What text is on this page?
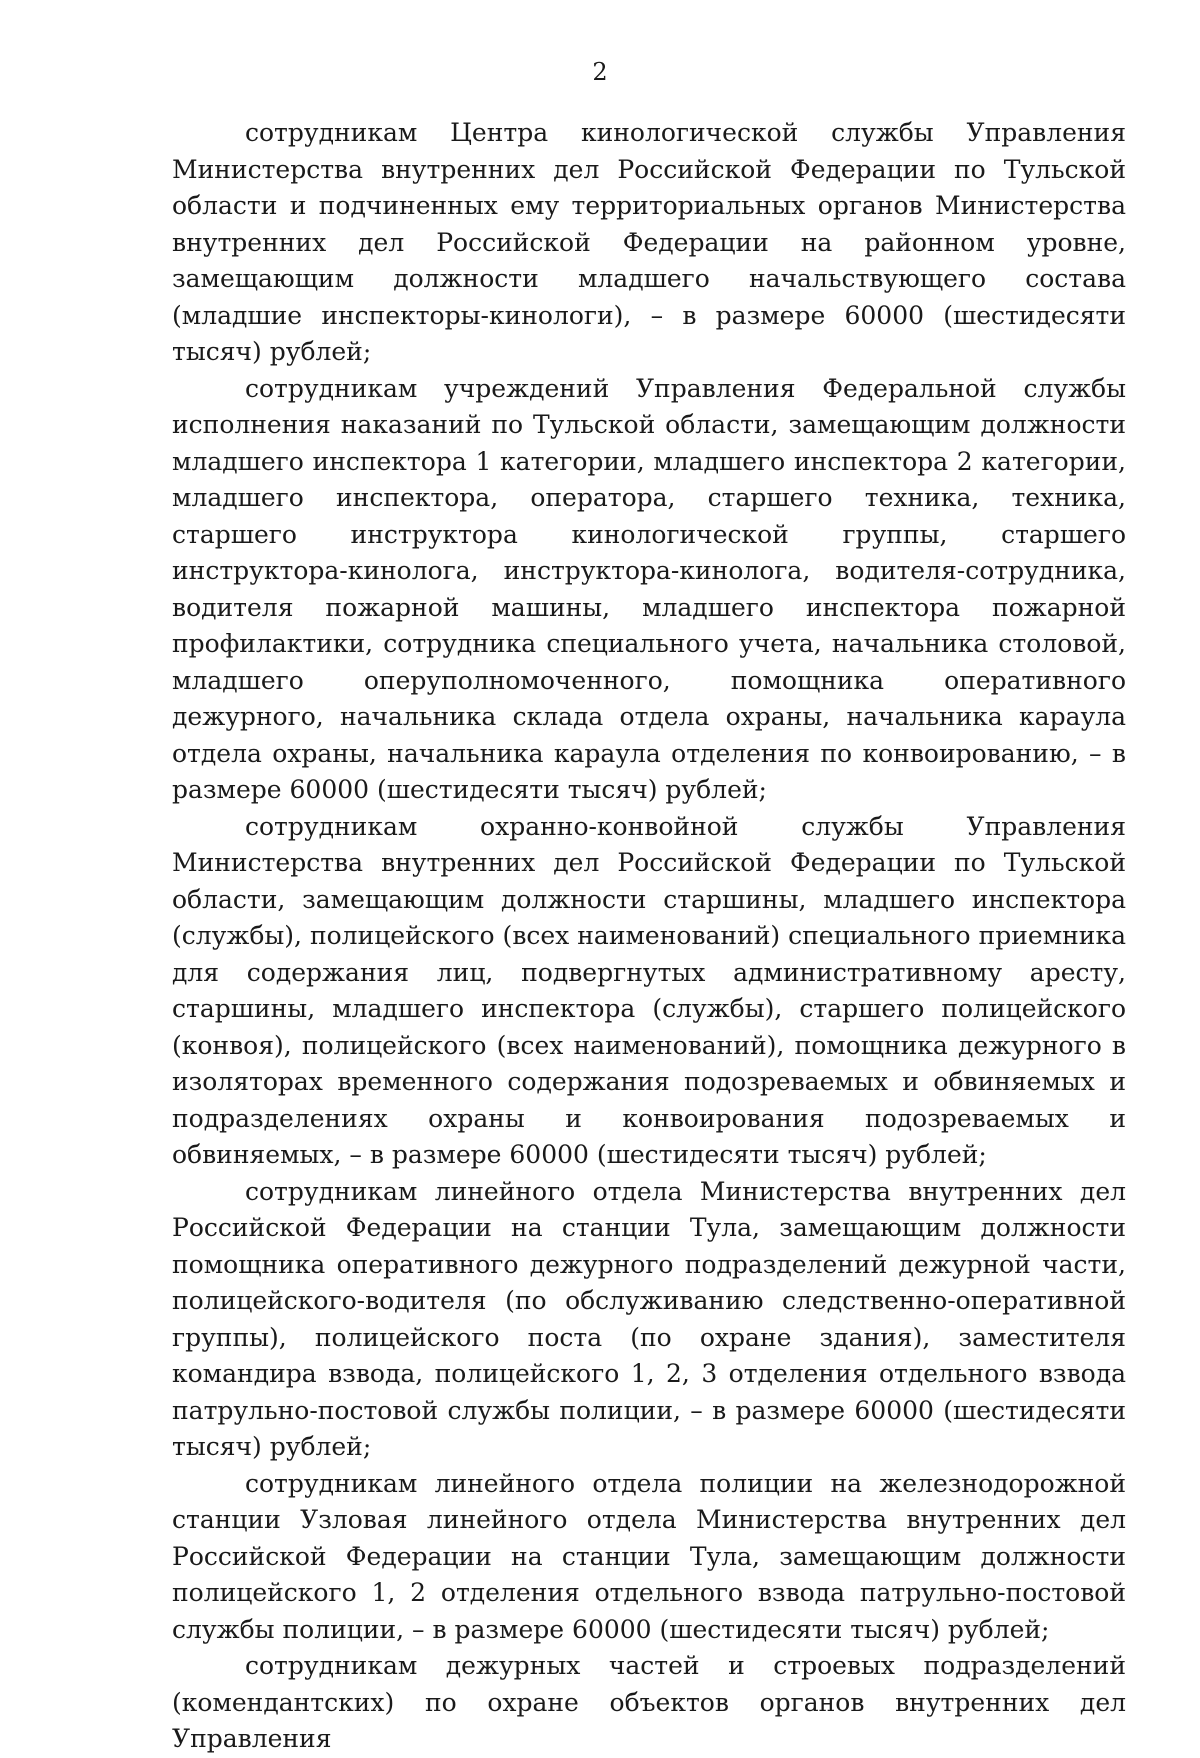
2

сотрудникам Центра кинологической службы Управления Министерства внутренних дел Российской Федерации по Тульской области и подчиненных ему территориальных органов Министерства внутренних дел Российской Федерации на районном уровне, замещающим должности младшего начальствующего состава (младшие инспекторы-кинологи), – в размере 60000 (шестидесяти тысяч) рублей;

сотрудникам учреждений Управления Федеральной службы исполнения наказаний по Тульской области, замещающим должности младшего инспектора 1 категории, младшего инспектора 2 категории, младшего инспектора, оператора, старшего техника, техника, старшего инструктора кинологической группы, старшего инструктора-кинолога, инструктора-кинолога, водителя-сотрудника, водителя пожарной машины, младшего инспектора пожарной профилактики, сотрудника специального учета, начальника столовой, младшего оперуполномоченного, помощника оперативного дежурного, начальника склада отдела охраны, начальника караула отдела охраны, начальника караула отделения по конвоированию, – в размере 60000 (шестидесяти тысяч) рублей;

сотрудникам охранно-конвойной службы Управления Министерства внутренних дел Российской Федерации по Тульской области, замещающим должности старшины, младшего инспектора (службы), полицейского (всех наименований) специального приемника для содержания лиц, подвергнутых административному аресту, старшины, младшего инспектора (службы), старшего полицейского (конвоя), полицейского (всех наименований), помощника дежурного в изоляторах временного содержания подозреваемых и обвиняемых и подразделениях охраны и конвоирования подозреваемых и обвиняемых, – в размере 60000 (шестидесяти тысяч) рублей;

сотрудникам линейного отдела Министерства внутренних дел Российской Федерации на станции Тула, замещающим должности помощника оперативного дежурного подразделений дежурной части, полицейского-водителя (по обслуживанию следственно-оперативной группы), полицейского поста (по охране здания), заместителя командира взвода, полицейского 1, 2, 3 отделения отдельного взвода патрульно-постовой службы полиции, – в размере 60000 (шестидесяти тысяч) рублей;

сотрудникам линейного отдела полиции на железнодорожной станции Узловая линейного отдела Министерства внутренних дел Российской Федерации на станции Тула, замещающим должности полицейского 1, 2 отделения отдельного взвода патрульно-постовой службы полиции, – в размере 60000 (шестидесяти тысяч) рублей;

сотрудникам дежурных частей и строевых подразделений (комендантских) по охране объектов органов внутренних дел Управления
